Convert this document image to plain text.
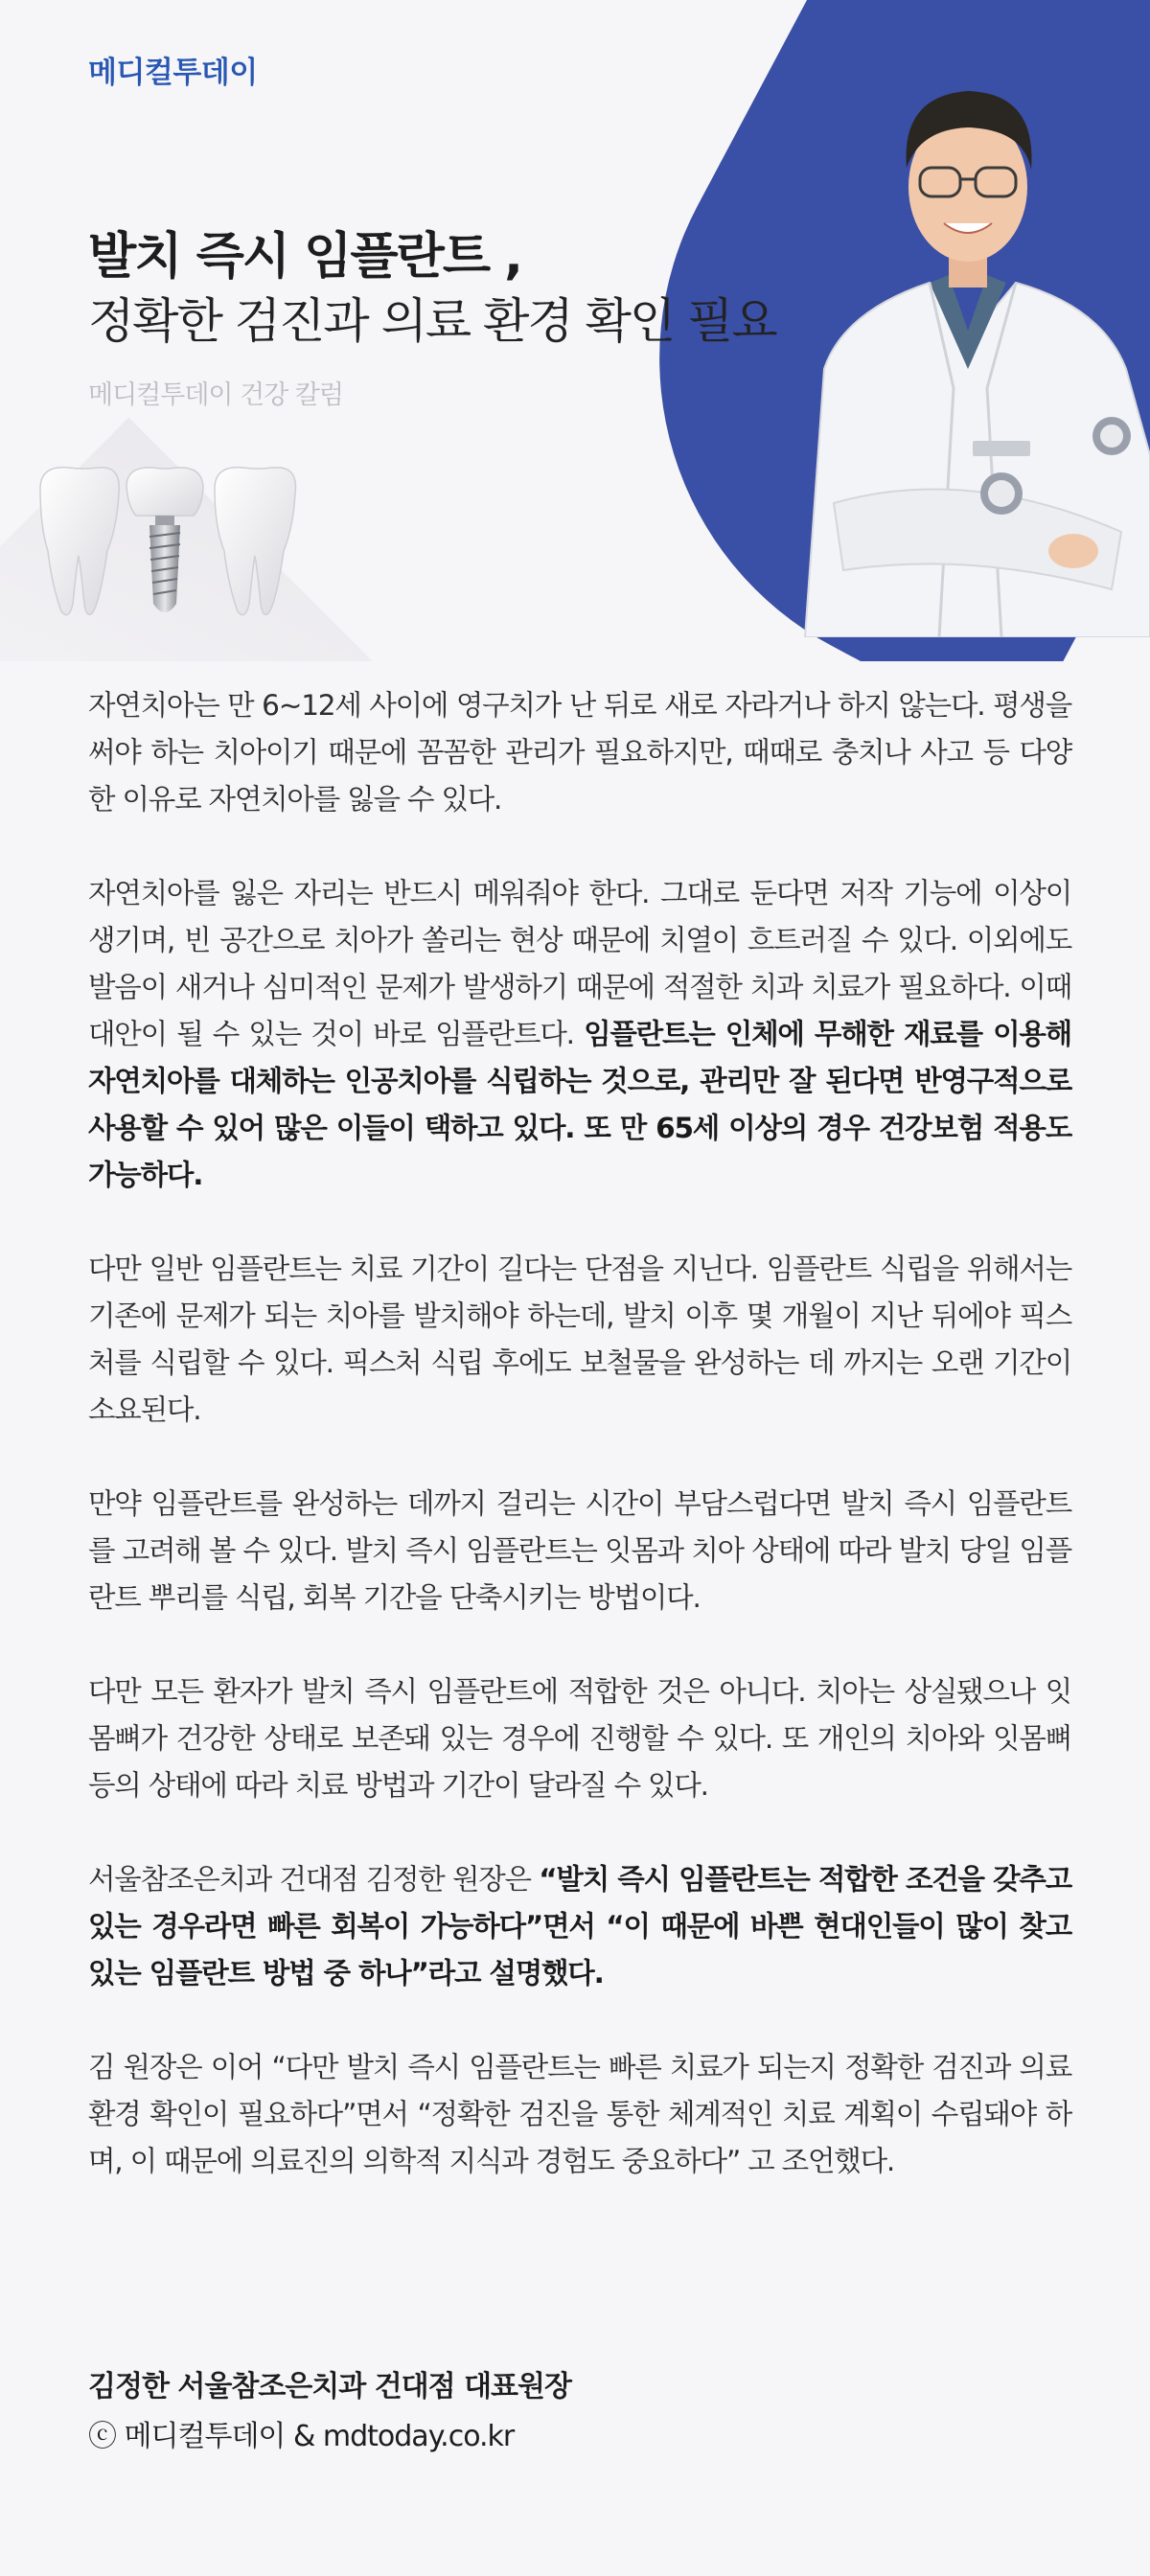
메디컬투데이
발치 즉시 임플란트 ,
정확한 검진과 의료 환경 확인 필요
메디컬투데이 건강 칼럼

자연치아는 만 6~12세 사이에 영구치가 난 뒤로 새로 자라거나 하지 않는다. 평생을 써야 하는 치아이기 때문에 꼼꼼한 관리가 필요하지만, 때때로 충치나 사고 등 다양한 이유로 자연치아를 잃을 수 있다.

자연치아를 잃은 자리는 반드시 메워줘야 한다. 그대로 둔다면 저작 기능에 이상이 생기며, 빈 공간으로 치아가 쏠리는 현상 때문에 치열이 흐트러질 수 있다. 이외에도 발음이 새거나 심미적인 문제가 발생하기 때문에 적절한 치과 치료가 필요하다. 이때 대안이 될 수 있는 것이 바로 임플란트다. 임플란트는 인체에 무해한 재료를 이용해 자연치아를 대체하는 인공치아를 식립하는 것으로, 관리만 잘 된다면 반영구적으로 사용할 수 있어 많은 이들이 택하고 있다. 또 만 65세 이상의 경우 건강보험 적용도 가능하다.

다만 일반 임플란트는 치료 기간이 길다는 단점을 지닌다. 임플란트 식립을 위해서는 기존에 문제가 되는 치아를 발치해야 하는데, 발치 이후 몇 개월이 지난 뒤에야 픽스처를 식립할 수 있다. 픽스처 식립 후에도 보철물을 완성하는 데 까지는 오랜 기간이 소요된다.

만약 임플란트를 완성하는 데까지 걸리는 시간이 부담스럽다면 발치 즉시 임플란트를 고려해 볼 수 있다. 발치 즉시 임플란트는 잇몸과 치아 상태에 따라 발치 당일 임플란트 뿌리를 식립, 회복 기간을 단축시키는 방법이다.

다만 모든 환자가 발치 즉시 임플란트에 적합한 것은 아니다. 치아는 상실됐으나 잇몸뼈가 건강한 상태로 보존돼 있는 경우에 진행할 수 있다. 또 개인의 치아와 잇몸뼈 등의 상태에 따라 치료 방법과 기간이 달라질 수 있다.

서울참조은치과 건대점 김정한 원장은 “발치 즉시 임플란트는 적합한 조건을 갖추고 있는 경우라면 빠른 회복이 가능하다”면서 “이 때문에 바쁜 현대인들이 많이 찾고 있는 임플란트 방법 중 하나”라고 설명했다.

김 원장은 이어 “다만 발치 즉시 임플란트는 빠른 치료가 되는지 정확한 검진과 의료 환경 확인이 필요하다”면서 “정확한 검진을 통한 체계적인 치료 계획이 수립돼야 하며, 이 때문에 의료진의 의학적 지식과 경험도 중요하다” 고 조언했다.

김정한 서울참조은치과 건대점 대표원장
ⓒ 메디컬투데이 & mdtoday.co.kr
